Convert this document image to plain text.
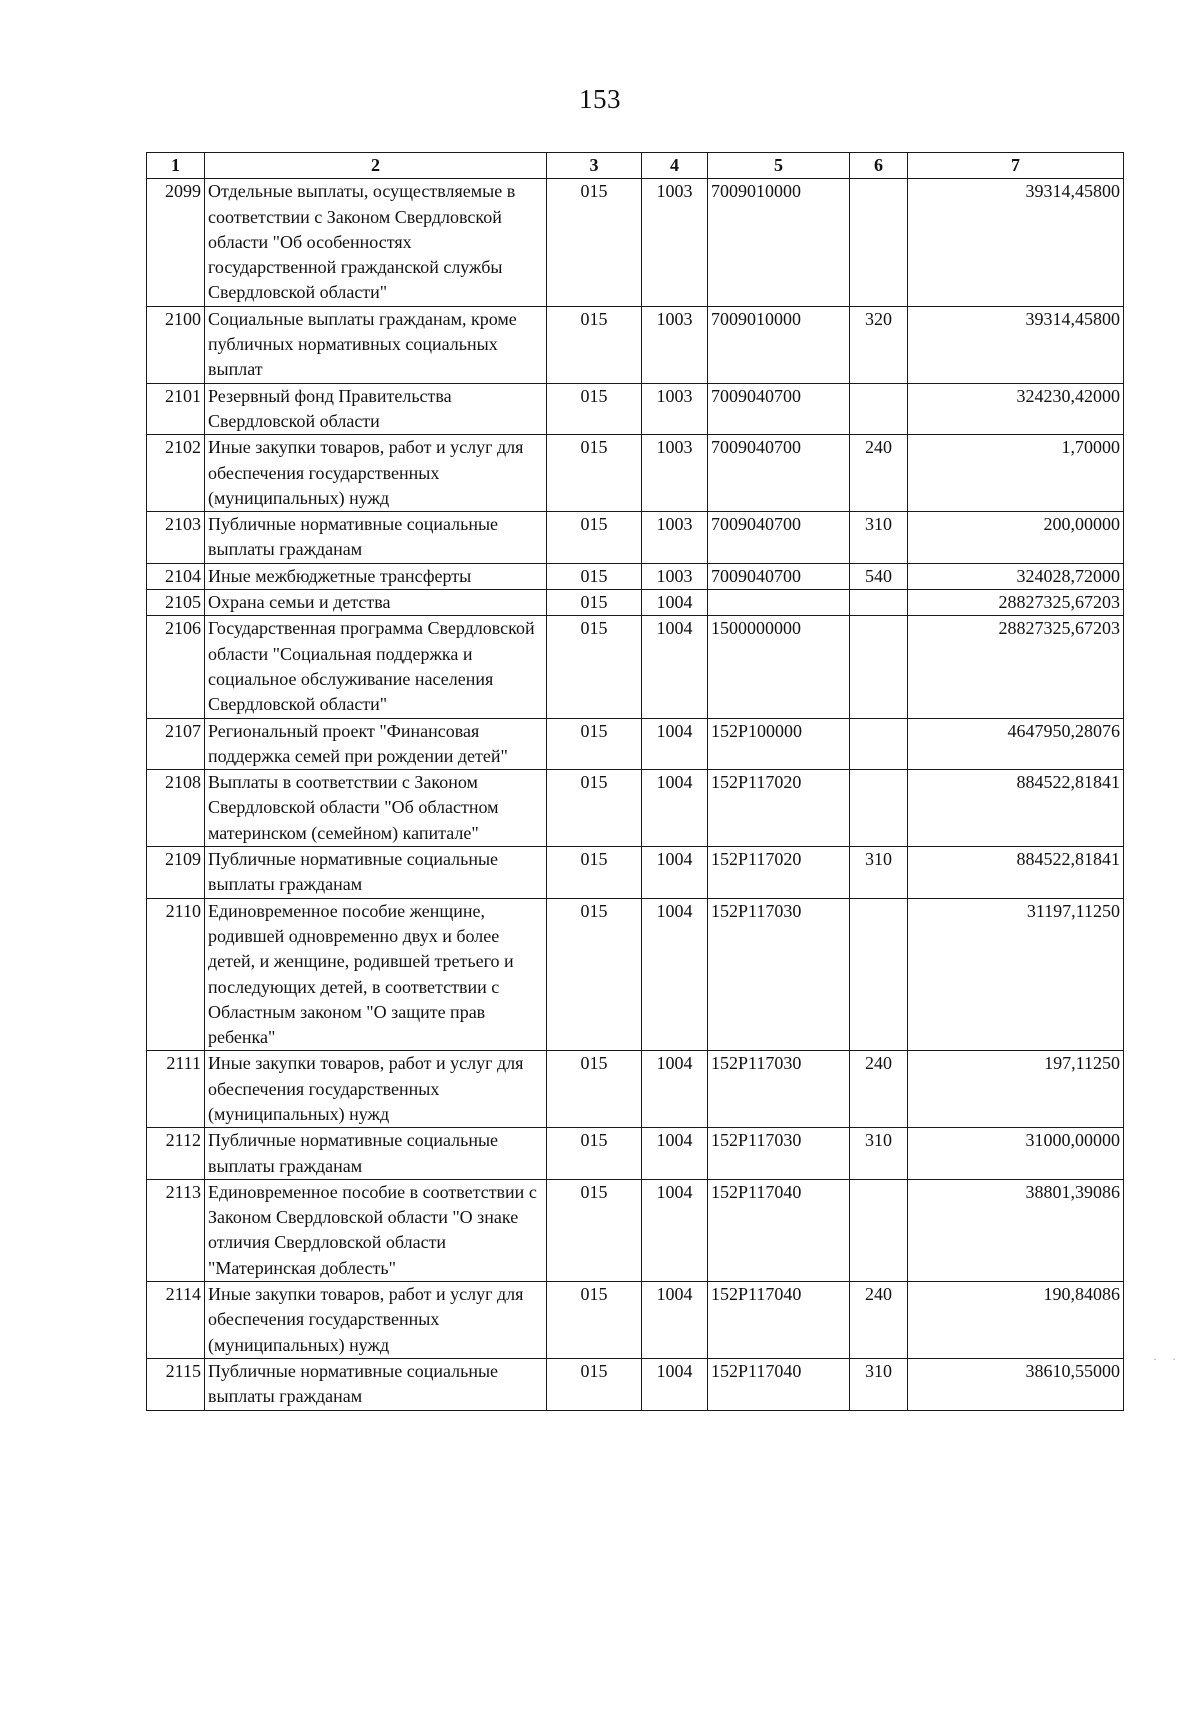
153
1	2	3	4	5	6	7
2099	Отдельные выплаты, осуществляемые в соответствии с Законом Свердловской области "Об особенностях государственной гражданской службы Свердловской области"	015	1003	7009010000		39314,45800
2100	Социальные выплаты гражданам, кроме публичных нормативных социальных выплат	015	1003	7009010000	320	39314,45800
2101	Резервный фонд Правительства Свердловской области	015	1003	7009040700		324230,42000
2102	Иные закупки товаров, работ и услуг для обеспечения государственных (муниципальных) нужд	015	1003	7009040700	240	1,70000
2103	Публичные нормативные социальные выплаты гражданам	015	1003	7009040700	310	200,00000
2104	Иные межбюджетные трансферты	015	1003	7009040700	540	324028,72000
2105	Охрана семьи и детства	015	1004			28827325,67203
2106	Государственная программа Свердловской области "Социальная поддержка и социальное обслуживание населения Свердловской области"	015	1004	1500000000		28827325,67203
2107	Региональный проект "Финансовая поддержка семей при рождении детей"	015	1004	152P100000		4647950,28076
2108	Выплаты в соответствии с Законом Свердловской области "Об областном материнском (семейном) капитале"	015	1004	152P117020		884522,81841
2109	Публичные нормативные социальные выплаты гражданам	015	1004	152P117020	310	884522,81841
2110	Единовременное пособие женщине, родившей одновременно двух и более детей, и женщине, родившей третьего и последующих детей, в соответствии с Областным законом "О защите прав ребенка"	015	1004	152P117030		31197,11250
2111	Иные закупки товаров, работ и услуг для обеспечения государственных (муниципальных) нужд	015	1004	152P117030	240	197,11250
2112	Публичные нормативные социальные выплаты гражданам	015	1004	152P117030	310	31000,00000
2113	Единовременное пособие в соответствии с Законом Свердловской области "О знаке отличия Свердловской области "Материнская доблесть"	015	1004	152P117040		38801,39086
2114	Иные закупки товаров, работ и услуг для обеспечения государственных (муниципальных) нужд	015	1004	152P117040	240	190,84086
2115	Публичные нормативные социальные выплаты гражданам	015	1004	152P117040	310	38610,55000
· ·
